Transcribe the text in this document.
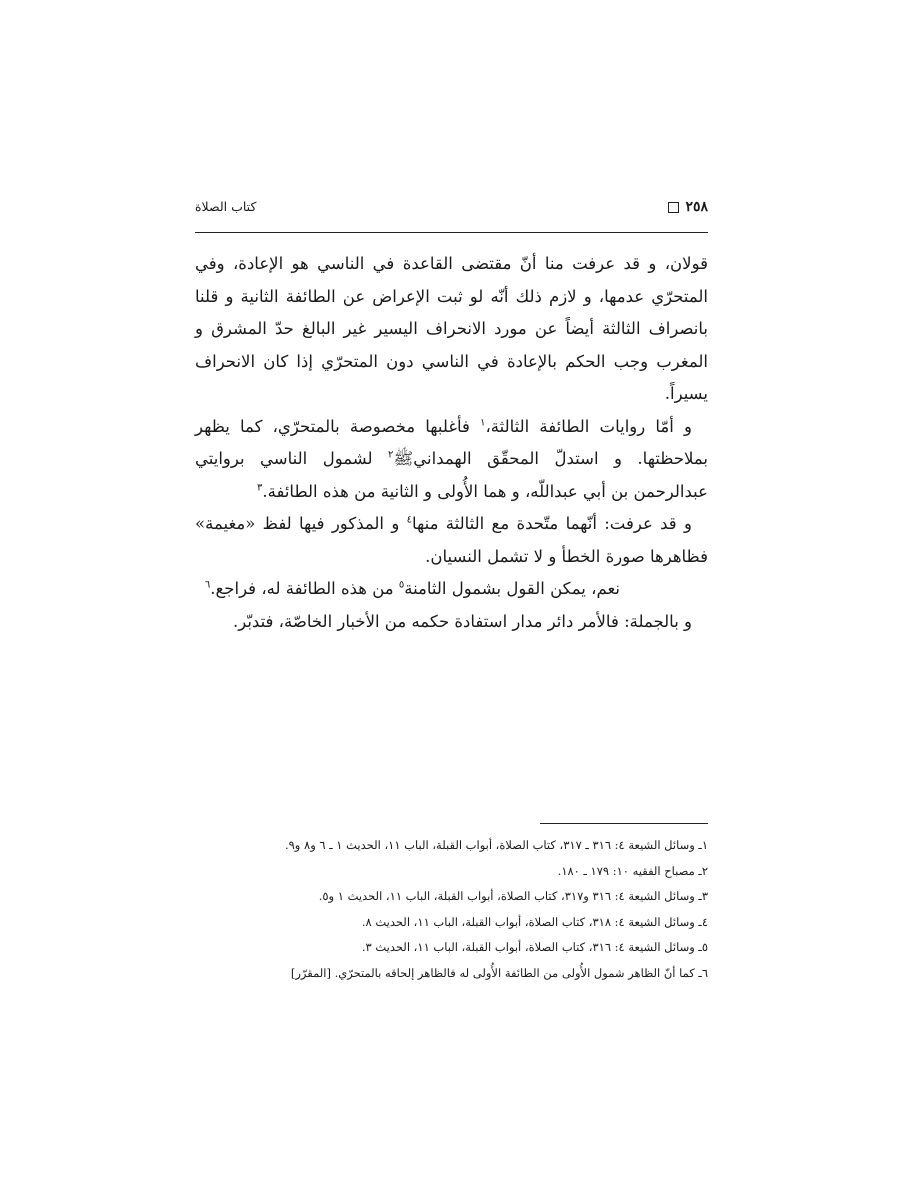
٢٥٨
كتاب الصلاة

قولان، و قد عرفت منا أنّ مقتضى القاعدة في الناسي هو الإعادة، وفي المتحرّي عدمها، و لازم ذلك أنّه لو ثبت الإعراض عن الطائفة الثانية و قلنا بانصراف الثالثة أيضاً عن مورد الانحراف اليسير غير البالغ حدّ المشرق و المغرب وجب الحكم بالإعادة في الناسي دون المتحرّي إذا كان الانحراف يسيراً.

و أمّا روايات الطائفة الثالثة،$^١$ فأغلبها مخصوصة بالمتحرّي، كما يظهر بملاحظتها. و استدلّ المحقّق الهمدانيﷺ$^٢$ لشمول الناسي بروايتي عبدالرحمن بن أبي عبداللّه، و هما الأُولى و الثانية من هذه الطائفة.$^٣$

و قد عرفت: أنّهما متّحدة مع الثالثة منها$^٤$ و المذكور فيها لفظ «مغيمة» فظاهرها صورة الخطأ و لا تشمل النسيان.

نعم، يمكن القول بشمول الثامنة$^٥$ من هذه الطائفة له، فراجع.$^٦$

و بالجملة: فالأمر دائر مدار استفادة حكمه من الأخبار الخاصّة، فتدبّر.

١ـ وسائل الشيعة ٤: ٣١٦ ـ ٣١٧، كتاب الصلاة، أبواب القبلة، الباب ١١، الحديث ١ ـ ٦ و٨ و٩.
٢ـ مصباح الفقيه ١٠: ١٧٩ ـ ١٨٠.
٣ـ وسائل الشيعة ٤: ٣١٦ و٣١٧، كتاب الصلاة، أبواب القبلة، الباب ١١، الحديث ١ و٥.
٤ـ وسائل الشيعة ٤: ٣١٨، كتاب الصلاة، أبواب القبلة، الباب ١١، الحديث ٨.
٥ـ وسائل الشيعة ٤: ٣١٦، كتاب الصلاة، أبواب القبلة، الباب ١١، الحديث ٣.
٦ـ كما أنّ الظاهر شمول الأُولى من الطائفة الأُولى له فالظاهر إلحاقه بالمتحرّي. [المقرّر]
